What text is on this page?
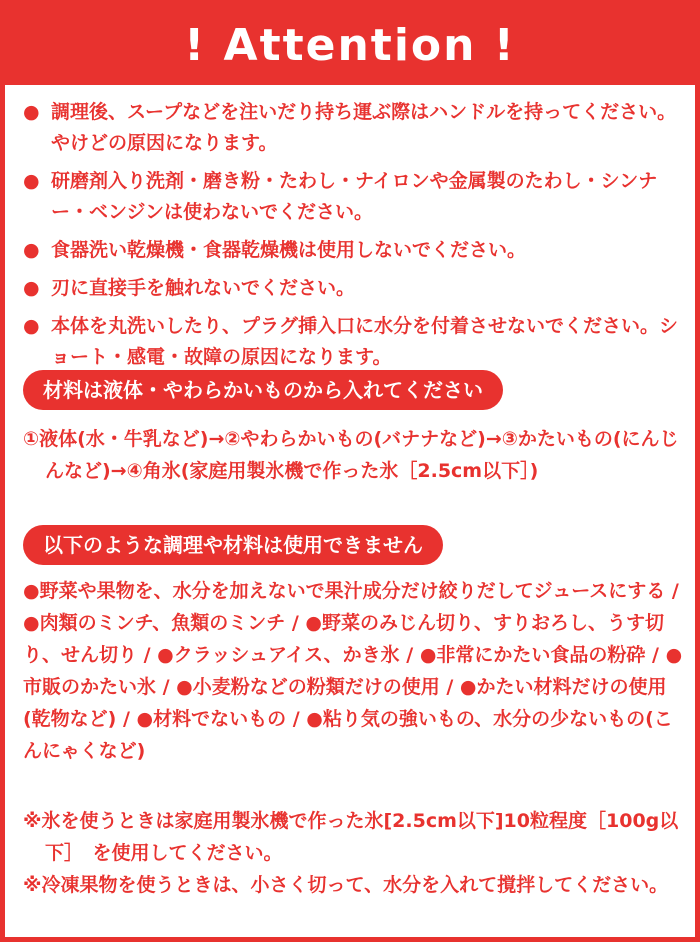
! Attention !
● 調理後、スープなどを注いだり持ち運ぶ際はハンドルを持ってください。やけどの原因になります。
● 研磨剤入り洗剤・磨き粉・たわし・ナイロンや金属製のたわし・シンナー・ベンジンは使わないでください。
● 食器洗い乾燥機・食器乾燥機は使用しないでください。
● 刃に直接手を触れないでください。
● 本体を丸洗いしたり、プラグ挿入口に水分を付着させないでください。ショート・感電・故障の原因になります。
材料は液体・やわらかいものから入れてください
①液体(水・牛乳など)→②やわらかいもの(バナナなど)→③かたいもの(にんじんなど)→④角氷(家庭用製氷機で作った氷［2.5cm以下］)
以下のような調理や材料は使用できません
●野菜や果物を、水分を加えないで果汁成分だけ絞りだしてジュースにする / ●肉類のミンチ、魚類のミンチ / ●野菜のみじん切り、すりおろし、うす切り、せん切り / ●クラッシュアイス、かき氷 / ●非常にかたい食品の粉砕 / ●市販のかたい氷 / ●小麦粉などの粉類だけの使用 / ●かたい材料だけの使用(乾物など) / ●材料でないもの / ●粘り気の強いもの、水分の少ないもの(こんにゃくなど)
※氷を使うときは家庭用製氷機で作った氷[2.5cm以下]10粒程度［100g以下］　を使用してください。
※冷凍果物を使うときは、小さく切って、水分を入れて撹拌してください。
